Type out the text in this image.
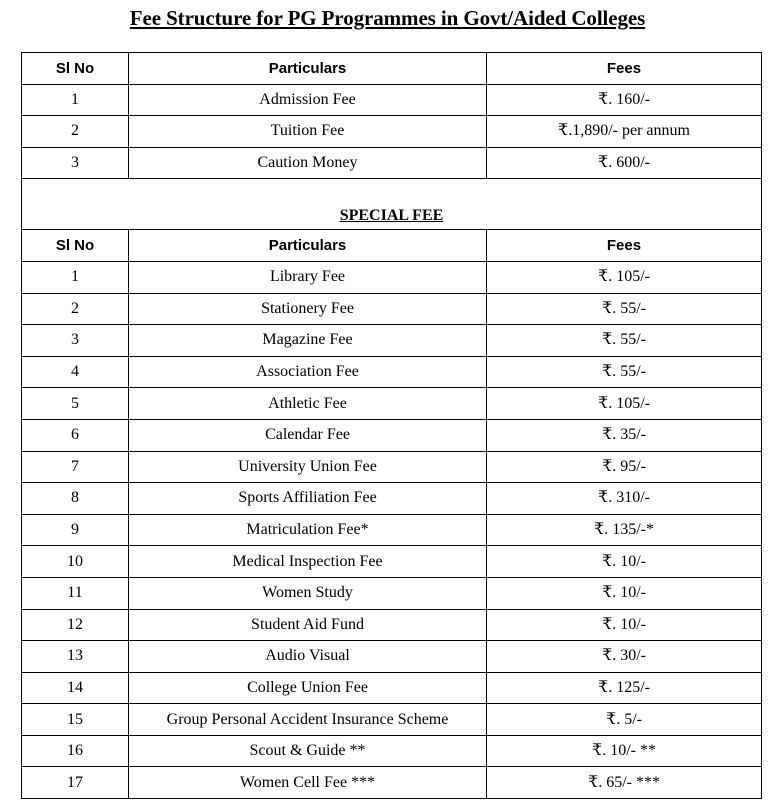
Fee Structure for PG Programmes in Govt/Aided Colleges
Sl No	Particulars	Fees
1	Admission Fee	₹. 160/-
2	Tuition Fee	₹.1,890/- per annum
3	Caution Money	₹. 600/-
SPECIAL FEE		
Sl No	Particulars	Fees
1	Library Fee	₹. 105/-
2	Stationery Fee	₹. 55/-
3	Magazine Fee	₹. 55/-
4	Association Fee	₹. 55/-
5	Athletic Fee	₹. 105/-
6	Calendar Fee	₹. 35/-
7	University Union Fee	₹. 95/-
8	Sports Affiliation Fee	₹. 310/-
9	Matriculation Fee*	₹. 135/-*
10	Medical Inspection Fee	₹. 10/-
11	Women Study	₹. 10/-
12	Student Aid Fund	₹. 10/-
13	Audio Visual	₹. 30/-
14	College Union Fee	₹. 125/-
15	Group Personal Accident Insurance Scheme	₹. 5/-
16	Scout & Guide **	₹. 10/- **
17	Women Cell Fee ***	₹. 65/- ***
